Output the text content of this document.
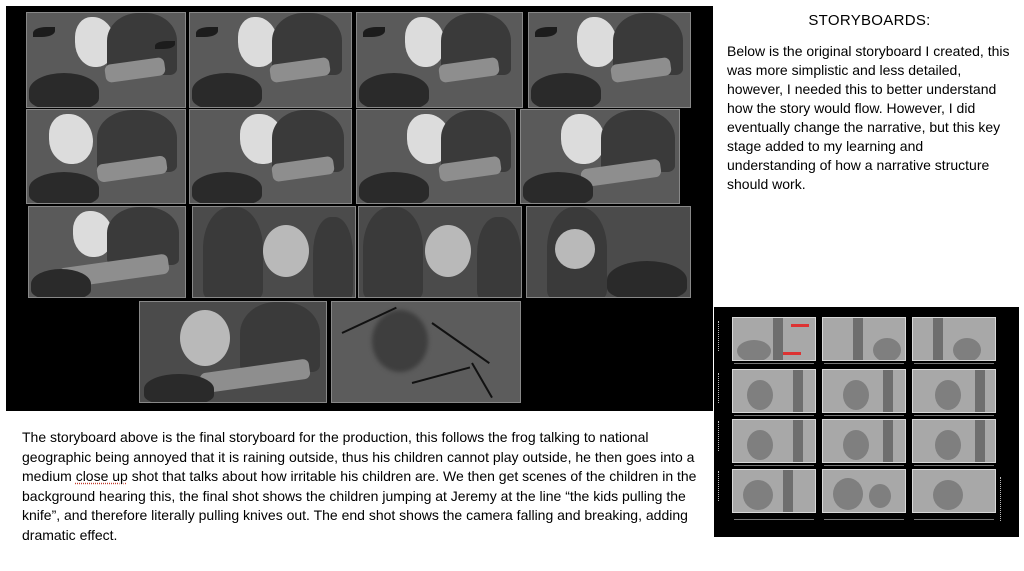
STORYBOARDS:
Below is the original storyboard I created, this was more simplistic and less detailed, however, I needed this to better understand how the story would flow. However, I did eventually change the narrative, but this key stage added to my learning and understanding of how a narrative structure should work.
The storyboard above is the final storyboard for the production, this follows the frog talking to national geographic being annoyed that it is raining outside, thus his children cannot play outside, he then goes into a medium close up shot that talks about how irritable his children are. We then get scenes of the children in the background hearing this, the final shot shows the children jumping at Jeremy at the line “the kids pulling the knife”, and therefore literally pulling knives out. The end shot shows the camera falling and breaking, adding dramatic effect.
